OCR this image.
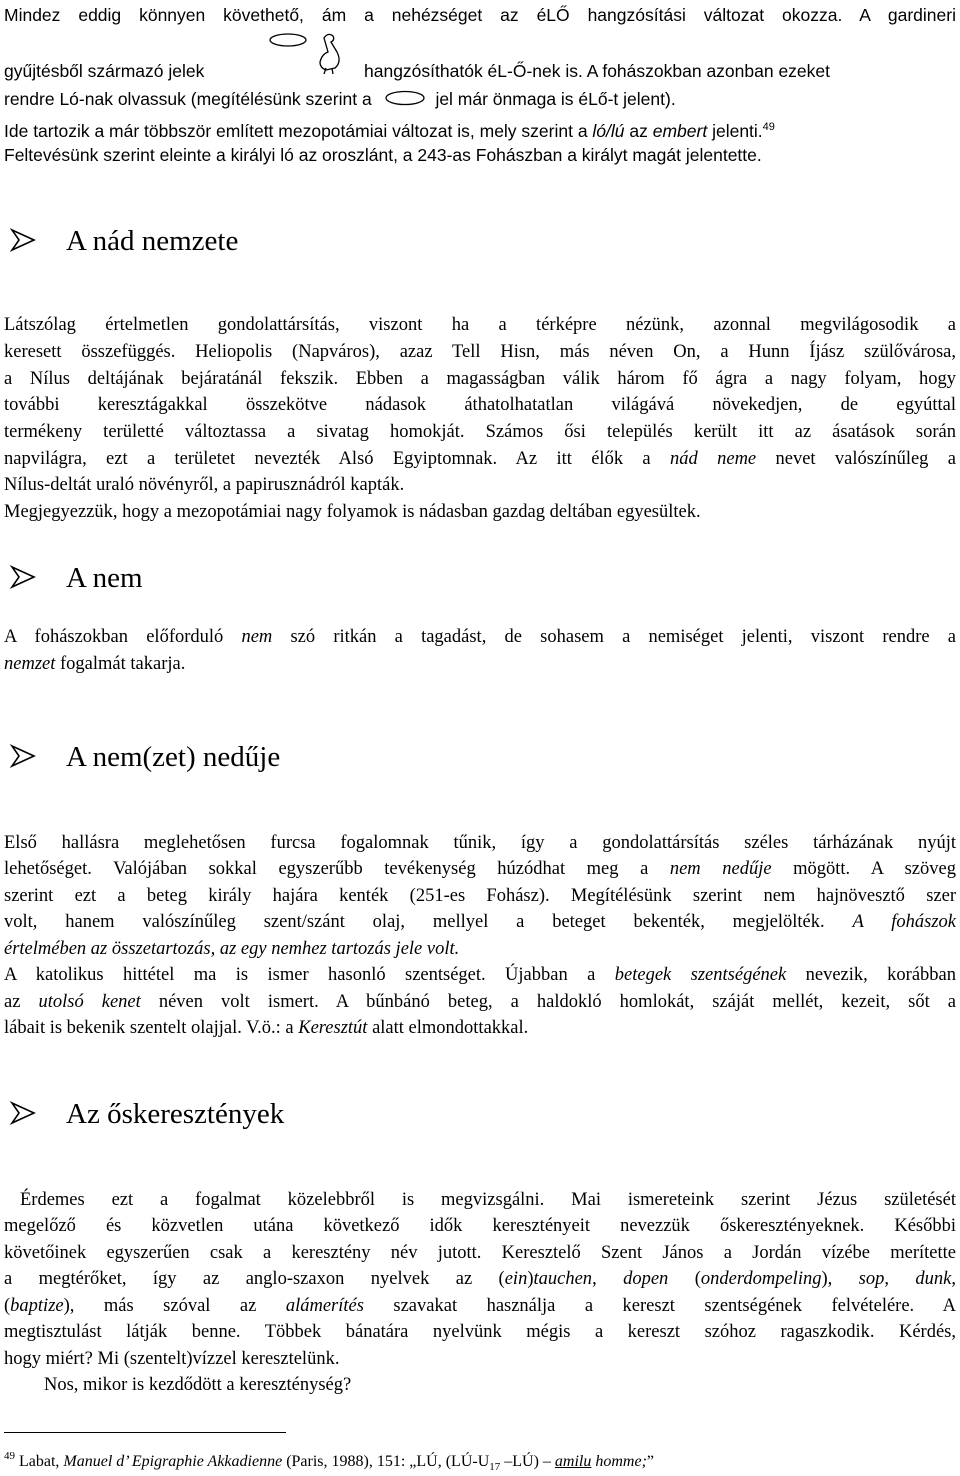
Mindez eddig könnyen követhető, ám a nehézséget az éLŐ hangzósítási változat okozza. A gardineri
gyűjtésből származó jelek	hangzósíthatók éL-Ő-nek is. A fohászokban azonban ezeket
rendre Ló-nak olvassuk (megítélésünk szerint a	jel már önmaga is éLő-t jelent).
Ide tartozik a már többször említett mezopotámiai változat is, mely szerint a ló/lú az embert jelenti.$^{49}$
Feltevésünk szerint eleinte a királyi ló az oroszlánt, a 243-as Fohászban a királyt magát jelentette.
A nád nemzete
Látszólag értelmetlen gondolattársítás, viszont ha a térképre nézünk, azonnal megvilágosodik a
keresett összefüggés. Heliopolis (Napváros), azaz Tell Hisn, más néven On, a Hunn Íjász szülővárosa,
a Nílus deltájának bejáratánál fekszik. Ebben a magasságban válik három fő ágra a nagy folyam, hogy
további keresztágakkal összekötve nádasok áthatolhatatlan világává növekedjen, de egyúttal
termékeny területté változtassa a sivatag homokját. Számos ősi település került itt az ásatások során
napvilágra, ezt a területet nevezték Alsó Egyiptomnak. Az itt élők a nád neme nevet valószínűleg a
Nílus-deltát uraló növényről, a papirusznádról kapták.
Megjegyezzük, hogy a mezopotámiai nagy folyamok is nádasban gazdag deltában egyesültek.
A nem
A fohászokban előforduló nem szó ritkán a tagadást, de sohasem a nemiséget jelenti, viszont rendre a
nemzet fogalmát takarja.
A nem(zet) nedűje
Első hallásra meglehetősen furcsa fogalomnak tűnik, így a gondolattársítás széles tárházának nyújt
lehetőséget. Valójában sokkal egyszerűbb tevékenység húzódhat meg a nem nedűje mögött. A szöveg
szerint ezt a beteg király hajára kenték (251-es Fohász). Megítélésünk szerint nem hajnövesztő szer
volt, hanem valószínűleg szent/szánt olaj, mellyel a beteget bekenték, megjelölték. A fohászok
értelmében az összetartozás, az egy nemhez tartozás jele volt.
A katolikus hittétel ma is ismer hasonló szentséget. Újabban a betegek szentségének nevezik, korábban
az utolsó kenet néven volt ismert. A bűnbánó beteg, a haldokló homlokát, száját mellét, kezeit, sőt a
lábait is bekenik szentelt olajjal. V.ö.: a Keresztút alatt elmondottakkal.
Az őskeresztények
Érdemes ezt a fogalmat közelebbről is megvizsgálni. Mai ismereteink szerint Jézus születését
megelőző és közvetlen utána következő idők keresztényeit nevezzük őskeresztényeknek. Későbbi
követőinek egyszerűen csak a keresztény név jutott. Keresztelő Szent János a Jordán vízébe merítette
a megtérőket, így az anglo-szaxon nyelvek az (ein)tauchen, dopen (onderdompeling), sop, dunk,
(baptize), más szóval az alámerítés szavakat használja a kereszt szentségének felvételére. A
megtisztulást látják benne. Többek bánatára nyelvünk mégis a kereszt szóhoz ragaszkodik. Kérdés,
hogy miért? Mi (szentelt)vízzel keresztelünk.
Nos, mikor is kezdődött a kereszténység?
$^{49}$ Labat, Manuel d’ Epigraphie Akkadienne (Paris, 1988), 151: „LÚ, ($LÚ-U_{17}$ –LÚ) – amilu homme;”
